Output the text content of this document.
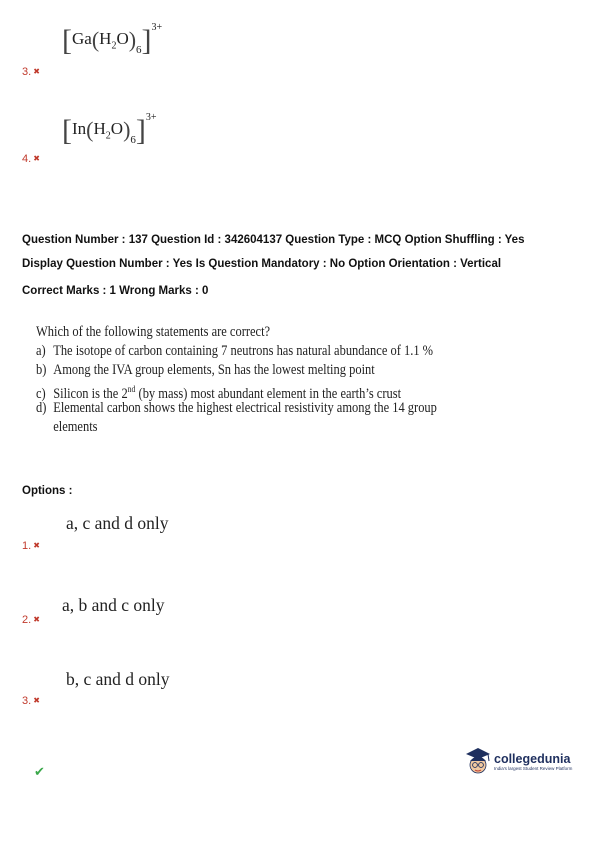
$[Ga(H_2O)_6]^{3+}$
3. ✖
$[In(H_2O)_6]^{3+}$
4. ✖
Question Number : 137 Question Id : 342604137 Question Type : MCQ Option Shuffling : Yes
Display Question Number : Yes Is Question Mandatory : No Option Orientation : Vertical
Correct Marks : 1 Wrong Marks : 0
Which of the following statements are correct?
a) The isotope of carbon containing 7 neutrons has natural abundance of 1.1 %
b) Among the IVA group elements, Sn has the lowest melting point
c) Silicon is the 2nd (by mass) most abundant element in the earth’s crust
d) Elemental carbon shows the highest electrical resistivity among the 14 group
elements
Options :
a, c and d only
1. ✖
a, b and c only
2. ✖
b, c and d only
3. ✖
✔
collegedunia
India's largest Student Review Platform
